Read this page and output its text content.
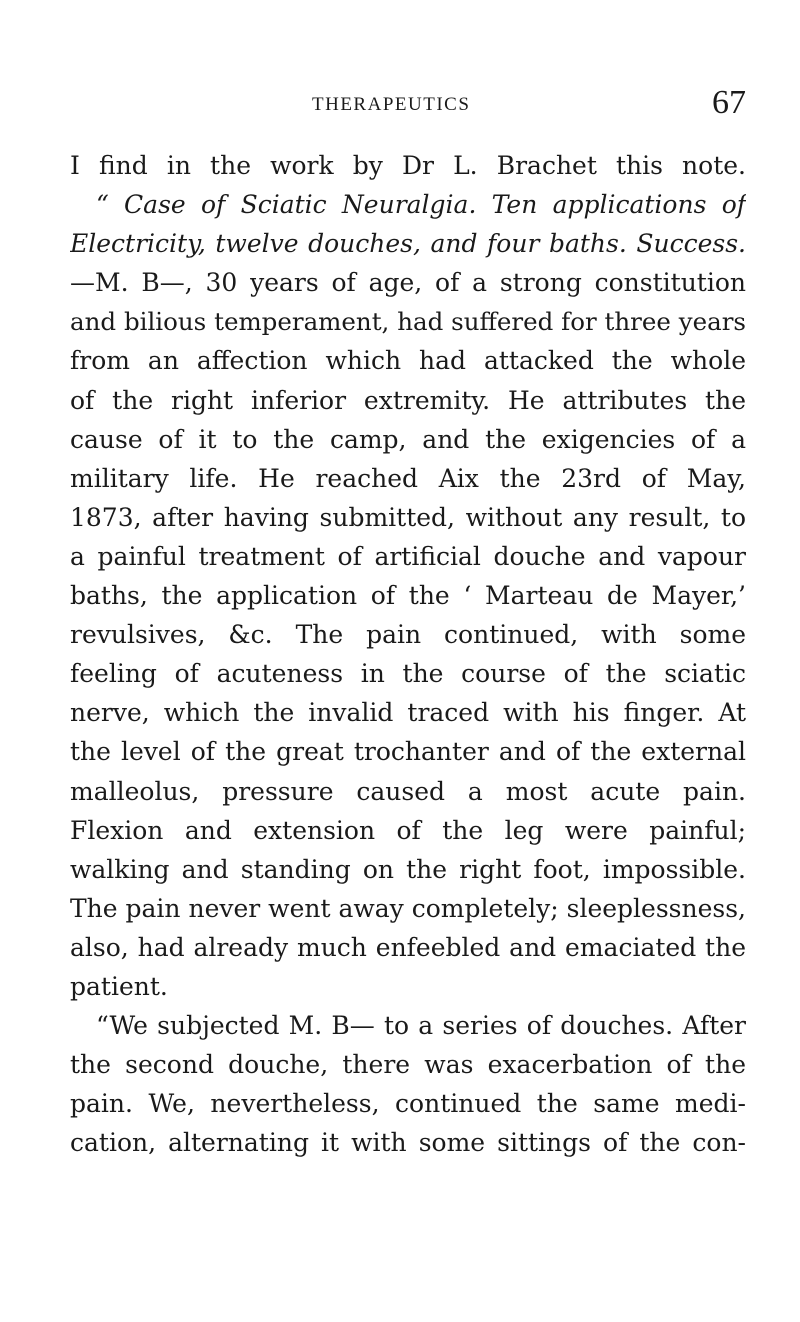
THERAPEUTICS	67
I find in the work by Dr L. Brachet this note.
“ Case of Sciatic Neuralgia. Ten applications of
Electricity, twelve douches, and four baths. Success.
—M. B—, 30 years of age, of a strong constitution
and bilious temperament, had suffered for three years
from an affection which had attacked the whole
of the right inferior extremity. He attributes the
cause of it to the camp, and the exigencies of a
military life. He reached Aix the 23rd of May,
1873, after having submitted, without any result, to
a painful treatment of artificial douche and vapour
baths, the application of the ‘ Marteau de Mayer,’
revulsives, &c. The pain continued, with some
feeling of acuteness in the course of the sciatic
nerve, which the invalid traced with his finger. At
the level of the great trochanter and of the external
malleolus, pressure caused a most acute pain.
Flexion and extension of the leg were painful;
walking and standing on the right foot, impossible.
The pain never went away completely; sleeplessness,
also, had already much enfeebled and emaciated the
patient.
“We subjected M. B— to a series of douches. After
the second douche, there was exacerbation of the
pain. We, nevertheless, continued the same medi-
cation, alternating it with some sittings of the con-
